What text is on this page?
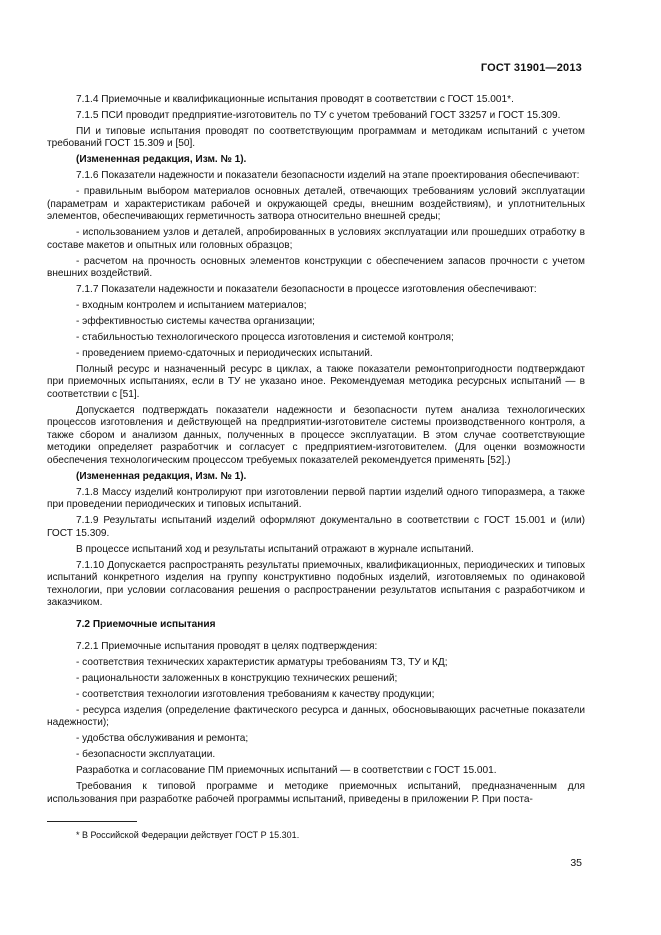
ГОСТ 31901—2013

7.1.4 Приемочные и квалификационные испытания проводят в соответствии с ГОСТ 15.001*.

7.1.5 ПСИ проводит предприятие-изготовитель по ТУ с учетом требований ГОСТ 33257 и ГОСТ 15.309.

ПИ и типовые испытания проводят по соответствующим программам и методикам испытаний с учетом требований ГОСТ 15.309 и [50].

(Измененная редакция, Изм. № 1).

7.1.6 Показатели надежности и показатели безопасности изделий на этапе проектирования обеспечивают:

- правильным выбором материалов основных деталей, отвечающих требованиям условий эксплуатации (параметрам и характеристикам рабочей и окружающей среды, внешним воздействиям), и уплотнительных элементов, обеспечивающих герметичность затвора относительно внешней среды;

- использованием узлов и деталей, апробированных в условиях эксплуатации или прошедших отработку в составе макетов и опытных или головных образцов;

- расчетом на прочность основных элементов конструкции с обеспечением запасов прочности с учетом внешних воздействий.

7.1.7 Показатели надежности и показатели безопасности в процессе изготовления обеспечивают:

- входным контролем и испытанием материалов;

- эффективностью системы качества организации;

- стабильностью технологического процесса изготовления и системой контроля;

- проведением приемо-сдаточных и периодических испытаний.

Полный ресурс и назначенный ресурс в циклах, а также показатели ремонтопригодности подтверждают при приемочных испытаниях, если в ТУ не указано иное. Рекомендуемая методика ресурсных испытаний — в соответствии с [51].

Допускается подтверждать показатели надежности и безопасности путем анализа технологических процессов изготовления и действующей на предприятии-изготовителе системы производственного контроля, а также сбором и анализом данных, полученных в процессе эксплуатации. В этом случае соответствующие методики определяет разработчик и согласует с предприятием-изготовителем. (Для оценки возможности обеспечения технологическим процессом требуемых показателей рекомендуется применять [52].)

(Измененная редакция, Изм. № 1).

7.1.8 Массу изделий контролируют при изготовлении первой партии изделий одного типоразмера, а также при проведении периодических и типовых испытаний.

7.1.9 Результаты испытаний изделий оформляют документально в соответствии с ГОСТ 15.001 и (или) ГОСТ 15.309.

В процессе испытаний ход и результаты испытаний отражают в журнале испытаний.

7.1.10 Допускается распространять результаты приемочных, квалификационных, периодических и типовых испытаний конкретного изделия на группу конструктивно подобных изделий, изготовляемых по одинаковой технологии, при условии согласования решения о распространении результатов испытания с разработчиком и заказчиком.

7.2 Приемочные испытания

7.2.1 Приемочные испытания проводят в целях подтверждения:

- соответствия технических характеристик арматуры требованиям ТЗ, ТУ и КД;

- рациональности заложенных в конструкцию технических решений;

- соответствия технологии изготовления требованиям к качеству продукции;

- ресурса изделия (определение фактического ресурса и данных, обосновывающих расчетные показатели надежности);

- удобства обслуживания и ремонта;

- безопасности эксплуатации.

Разработка и согласование ПМ приемочных испытаний — в соответствии с ГОСТ 15.001.

Требования к типовой программе и методике приемочных испытаний, предназначенным для использования при разработке рабочей программы испытаний, приведены в приложении Р. При поста-

* В Российской Федерации действует ГОСТ Р 15.301.
35
